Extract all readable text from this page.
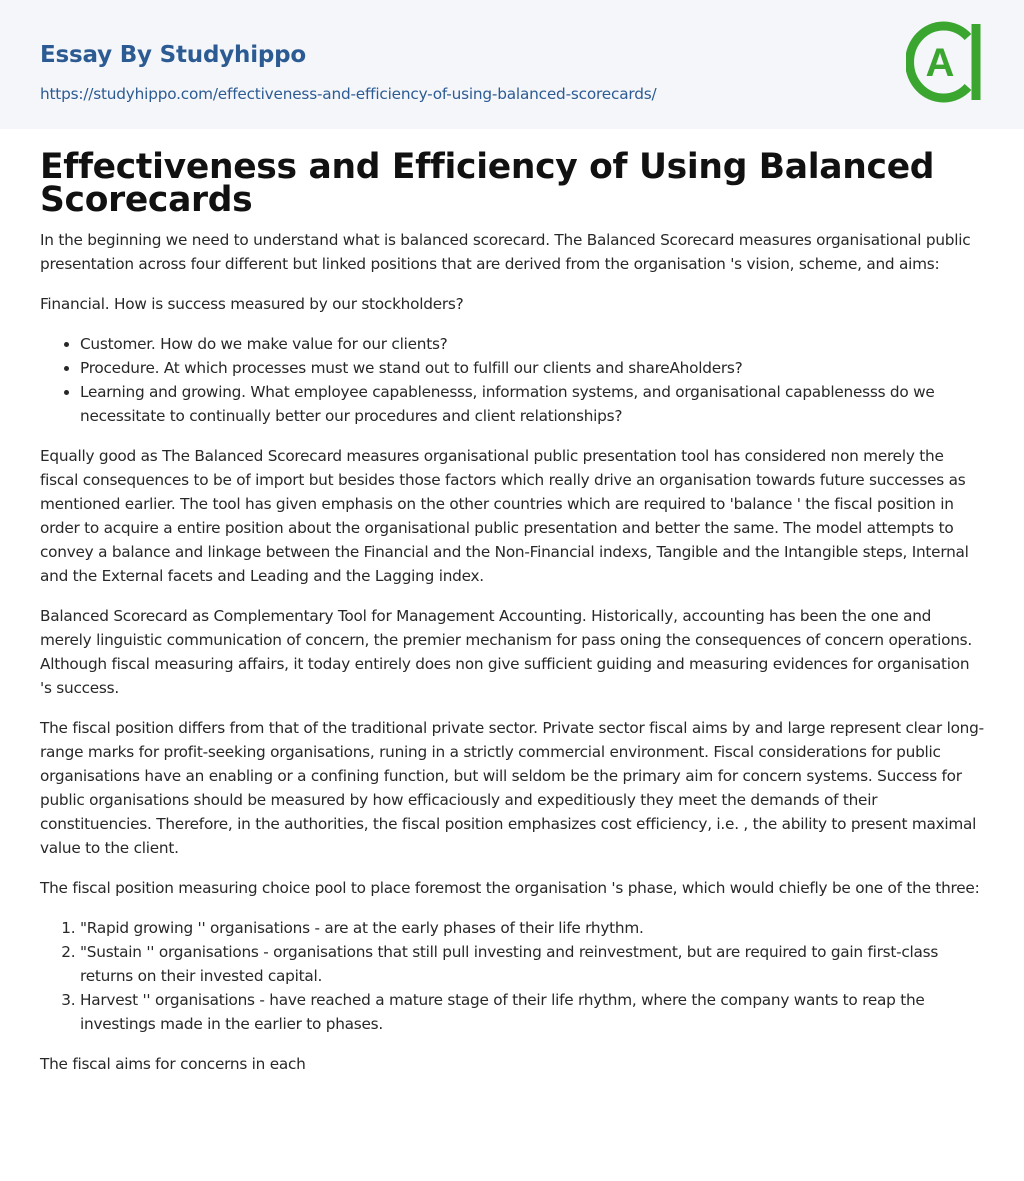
Essay By Studyhippo
https://studyhippo.com/effectiveness-and-efficiency-of-using-balanced-scorecards/
A
Effectiveness and Efficiency of Using Balanced Scorecards

In the beginning we need to understand what is balanced scorecard. The Balanced Scorecard measures organisational public presentation across four different but linked positions that are derived from the organisation 's vision, scheme, and aims:

Financial. How is success measured by our stockholders?

• Customer. How do we make value for our clients?
• Procedure. At which processes must we stand out to fulfill our clients and shareAholders?
• Learning and growing. What employee capablenesss, information systems, and organisational capablenesss do we necessitate to continually better our procedures and client relationships?

Equally good as The Balanced Scorecard measures organisational public presentation tool has considered non merely the fiscal consequences to be of import but besides those factors which really drive an organisation towards future successes as mentioned earlier. The tool has given emphasis on the other countries which are required to 'balance ' the fiscal position in order to acquire a entire position about the organisational public presentation and better the same. The model attempts to convey a balance and linkage between the Financial and the Non-Financial indexs, Tangible and the Intangible steps, Internal and the External facets and Leading and the Lagging index.

Balanced Scorecard as Complementary Tool for Management Accounting. Historically, accounting has been the one and merely linguistic communication of concern, the premier mechanism for pass oning the consequences of concern operations. Although fiscal measuring affairs, it today entirely does non give sufficient guiding and measuring evidences for organisation 's success.

The fiscal position differs from that of the traditional private sector. Private sector fiscal aims by and large represent clear long-range marks for profit-seeking organisations, runing in a strictly commercial environment. Fiscal considerations for public organisations have an enabling or a confining function, but will seldom be the primary aim for concern systems. Success for public organisations should be measured by how efficaciously and expeditiously they meet the demands of their constituencies. Therefore, in the authorities, the fiscal position emphasizes cost efficiency, i.e. , the ability to present maximal value to the client.

The fiscal position measuring choice pool to place foremost the organisation 's phase, which would chiefly be one of the three:

1. "Rapid growing '' organisations - are at the early phases of their life rhythm.
2. "Sustain '' organisations - organisations that still pull investing and reinvestment, but are required to gain first-class returns on their invested capital.
3. Harvest '' organisations - have reached a mature stage of their life rhythm, where the company wants to reap the investings made in the earlier to phases.

The fiscal aims for concerns in each
